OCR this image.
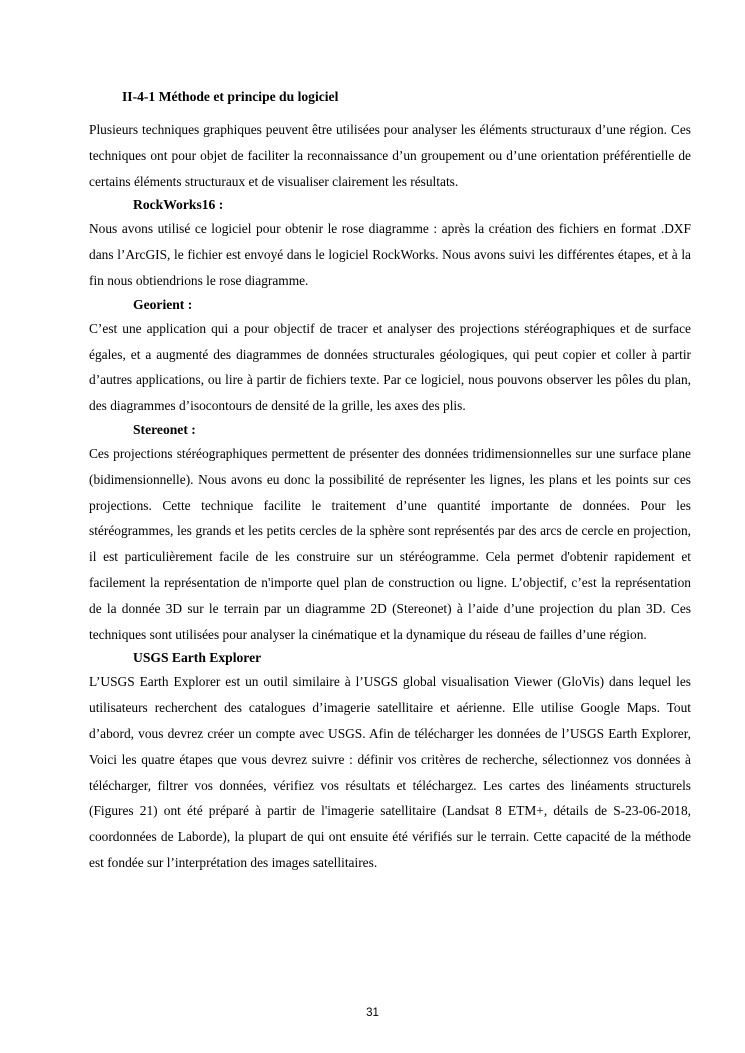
II-4-1 Méthode et principe du logiciel

Plusieurs techniques graphiques peuvent être utilisées pour analyser les éléments structuraux d’une région. Ces techniques ont pour objet de faciliter la reconnaissance d’un groupement ou d’une orientation préférentielle de certains éléments structuraux et de visualiser clairement les résultats.

RockWorks16 :

Nous avons utilisé ce logiciel pour obtenir le rose diagramme : après la création des fichiers en format .DXF dans l’ArcGIS, le fichier est envoyé dans le logiciel RockWorks. Nous avons suivi les différentes étapes, et à la fin nous obtiendrions le rose diagramme.

Georient :

C’est une application qui a pour objectif de tracer et analyser des projections stéréographiques et de surface égales, et a augmenté des diagrammes de données structurales géologiques, qui peut copier et coller à partir d’autres applications, ou lire à partir de fichiers texte. Par ce logiciel, nous pouvons observer les pôles du plan, des diagrammes d’isocontours de densité de la grille, les axes des plis.

Stereonet :

Ces projections stéréographiques permettent de présenter des données tridimensionnelles sur une surface plane (bidimensionnelle). Nous avons eu donc la possibilité de représenter les lignes, les plans et les points sur ces projections. Cette technique facilite le traitement d’une quantité importante de données. Pour les stéréogrammes, les grands et les petits cercles de la sphère sont représentés par des arcs de cercle en projection, il est particulièrement facile de les construire sur un stéréogramme. Cela permet d'obtenir rapidement et facilement la représentation de n'importe quel plan de construction ou ligne. L’objectif, c’est la représentation de la donnée 3D sur le terrain par un diagramme 2D (Stereonet) à l’aide d’une projection du plan 3D. Ces techniques sont utilisées pour analyser la cinématique et la dynamique du réseau de failles d’une région.

USGS Earth Explorer

L’USGS Earth Explorer est un outil similaire à l’USGS global visualisation Viewer (GloVis) dans lequel les utilisateurs recherchent des catalogues d’imagerie satellitaire et aérienne. Elle utilise Google Maps. Tout d’abord, vous devrez créer un compte avec USGS. Afin de télécharger les données de l’USGS Earth Explorer, Voici les quatre étapes que vous devrez suivre : définir vos critères de recherche, sélectionnez vos données à télécharger, filtrer vos données, vérifiez vos résultats et téléchargez. Les cartes des linéaments structurels (Figures 21) ont été préparé à partir de l'imagerie satellitaire (Landsat 8 ETM+, détails de S-23-06-2018, coordonnées de Laborde), la plupart de qui ont ensuite été vérifiés sur le terrain. Cette capacité de la méthode est fondée sur l’interprétation des images satellitaires.

31
